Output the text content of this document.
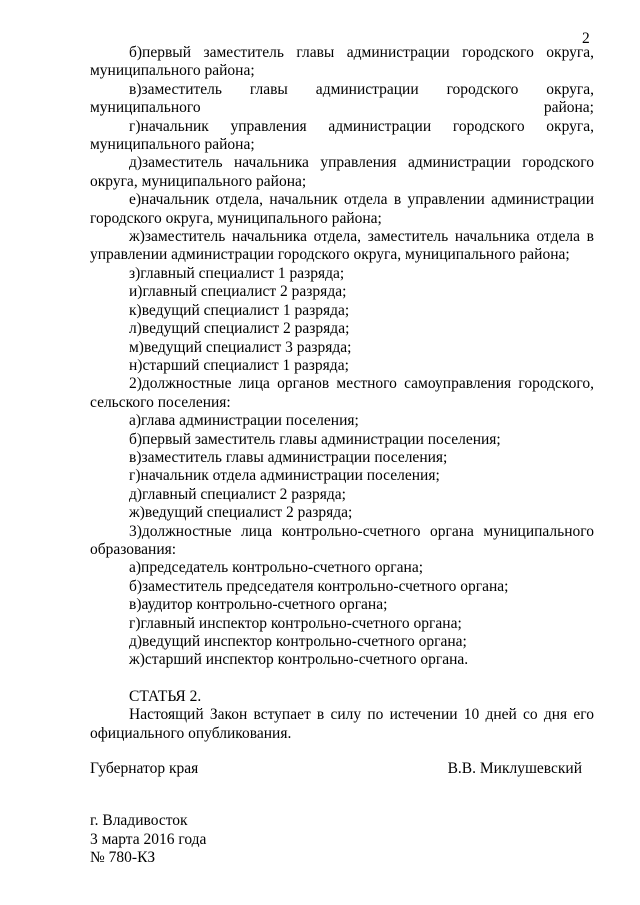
2

б)первый заместитель главы администрации городского округа, муниципального района;

в)заместитель главы администрации городского округа, муниципального района;

г)начальник управления администрации городского округа, муниципального района;

д)заместитель начальника управления администрации городского округа, муниципального района;

е)начальник отдела, начальник отдела в управлении администрации городского округа, муниципального района;

ж)заместитель начальника отдела, заместитель начальника отдела в управлении администрации городского округа, муниципального района;

з)главный специалист 1 разряда;

и)главный специалист 2 разряда;

к)ведущий специалист 1 разряда;

л)ведущий специалист 2 разряда;

м)ведущий специалист 3 разряда;

н)старший специалист 1 разряда;

2)должностные лица органов местного самоуправления городского, сельского поселения:

а)глава администрации поселения;

б)первый заместитель главы администрации поселения;

в)заместитель главы администрации поселения;

г)начальник отдела администрации поселения;

д)главный специалист 2 разряда;

ж)ведущий специалист 2 разряда;

3)должностные лица контрольно-счетного органа муниципального образования:

а)председатель контрольно-счетного органа;

б)заместитель председателя контрольно-счетного органа;

в)аудитор контрольно-счетного органа;

г)главный инспектор контрольно-счетного органа;

д)ведущий инспектор контрольно-счетного органа;

ж)старший инспектор контрольно-счетного органа.

СТАТЬЯ 2.

Настоящий Закон вступает в силу по истечении 10 дней со дня его официального опубликования.

Губернатор края	В.В. Миклушевский
г. Владивосток
3 марта 2016 года
№ 780-КЗ
